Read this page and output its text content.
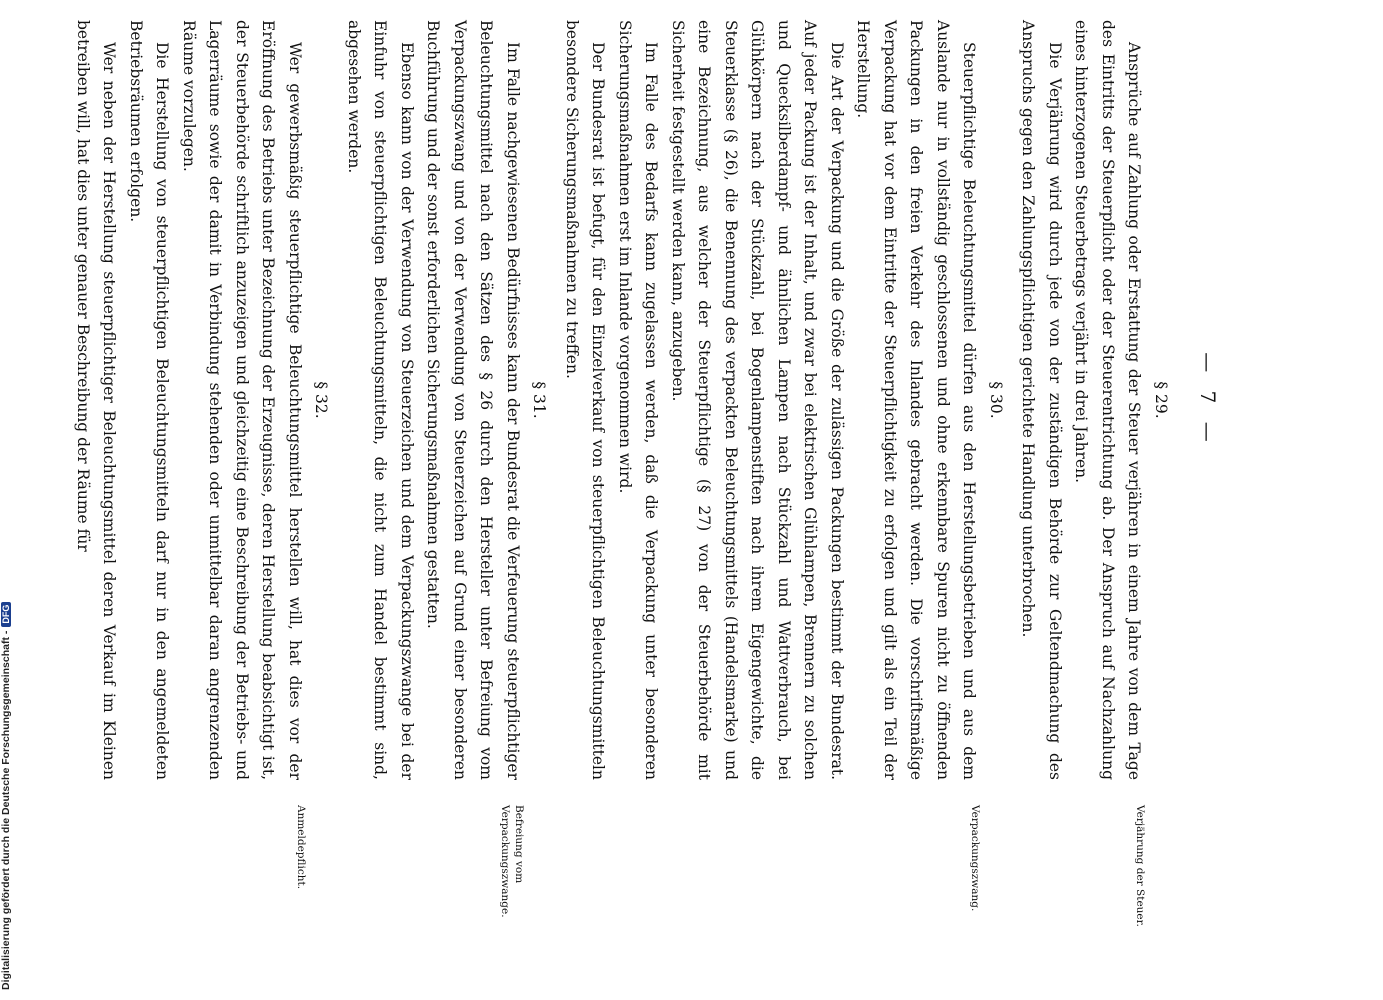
— 7 —
§ 29.

Ansprüche auf Zahlung oder Erstattung der Steuer verjähren in einem Jahre von dem Tage des Eintritts der Steuerpflicht oder der Steuerentrichtung ab. Der Anspruch auf Nachzahlung eines hinterzogenen Steuerbetrags verjährt in drei Jahren.

Die Verjährung wird durch jede von der zuständigen Behörde zur Geltendmachung des Anspruchs gegen den Zahlungspflichtigen gerichtete Handlung unterbrochen.

§ 30.

Steuerpflichtige Beleuchtungsmittel dürfen aus den Herstellungsbetrieben und aus dem Auslande nur in vollständig geschlossenen und ohne erkennbare Spuren nicht zu öffnenden Packungen in den freien Verkehr des Inlandes gebracht werden. Die vorschriftsmäßige Verpackung hat vor dem Eintritte der Steuerpflichtigkeit zu erfolgen und gilt als ein Teil der Herstellung.

Die Art der Verpackung und die Größe der zulässigen Packungen bestimmt der Bundesrat. Auf jeder Packung ist der Inhalt, und zwar bei elektrischen Glühlampen, Brennern zu solchen und Quecksilberdampf- und ähnlichen Lampen nach Stückzahl und Wattverbrauch, bei Glühkörpern nach der Stückzahl, bei Bogenlampenstiften nach ihrem Eigengewichte, die Steuerklasse (§ 26), die Benennung des verpackten Beleuchtungsmittels (Handelsmarke) und eine Bezeichnung, aus welcher der Steuerpflichtige (§ 27) von der Steuerbehörde mit Sicherheit festgestellt werden kann, anzugeben.

Im Falle des Bedarfs kann zugelassen werden, daß die Verpackung unter besonderen Sicherungsmaßnahmen erst im Inlande vorgenommen wird.

Der Bundesrat ist befugt, für den Einzelverkauf von steuerpflichtigen Beleuchtungsmitteln besondere Sicherungsmaßnahmen zu treffen.

§ 31.

Im Falle nachgewiesenen Bedürfnisses kann der Bundesrat die Verfeuerung steuerpflichtiger Beleuchtungsmittel nach den Sätzen des § 26 durch den Hersteller unter Befreiung vom Verpackungszwang und von der Verwendung von Steuerzeichen auf Grund einer besonderen Buchführung und der sonst erforderlichen Sicherungsmaßnahmen gestatten.

Ebenso kann von der Verwendung von Steuerzeichen und dem Verpackungszwange bei der Einfuhr von steuerpflichtigen Beleuchtungsmitteln, die nicht zum Handel bestimmt sind, abgesehen werden.

§ 32.

Wer gewerbsmäßig steuerpflichtige Beleuchtungsmittel herstellen will, hat dies vor der Eröffnung des Betriebs unter Bezeichnung der Erzeugnisse, deren Herstellung beabsichtigt ist, der Steuerbehörde schriftlich anzuzeigen und gleichzeitig eine Beschreibung der Betriebs- und Lagerräume sowie der damit in Verbindung stehenden oder unmittelbar daran angrenzenden Räume vorzulegen.

Die Herstellung von steuerpflichtigen Beleuchtungsmitteln darf nur in den angemeldeten Betriebsräumen erfolgen.

Wer neben der Herstellung steuerpflichtiger Beleuchtungsmittel deren Verkauf im Kleinen betreiben will, hat dies unter genauer Beschreibung der Räume für

Verjährung der Steuer.
Verpackungszwang.
Befreiung vom Verpackungszwange.
Anmeldepflicht.
Digitalisierung gefördert durch die Deutsche Forschungsgemeinschaft -DFG
